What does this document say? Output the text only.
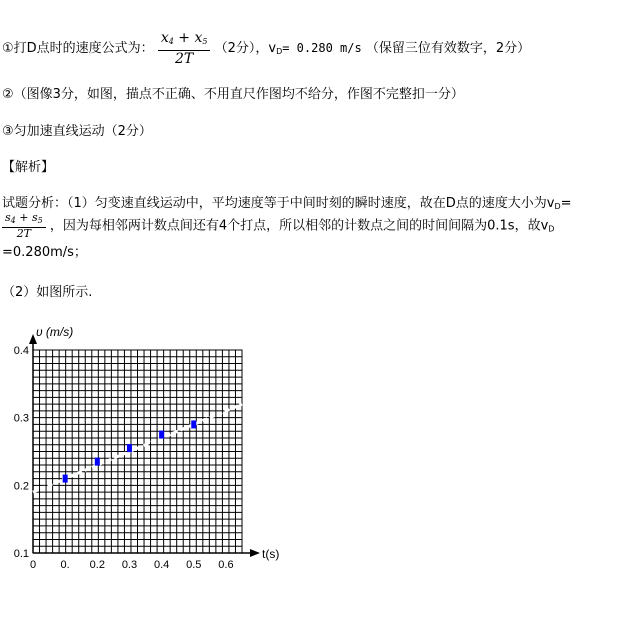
①打D点时的速度公式为： $\frac{x_4 + x_5}{2T} (2$分），$v_D= 0.280$ m/s （保留三位有效数字，2分）
②（图像3分，如图，描点不正确、不用直尺作图均不给分，作图不完整扣一分）
③匀加速直线运动（2分）
【解析】
试题分析：（1）匀变速直线运动中，平均速度等于中间时刻的瞬时速度，故在D点的速度大小为$v_D=$
$\frac{s_4 + s_5}{2T}$ ，因为每相邻两计数点间还有4个打点，所以相邻的计数点之间的时间间隔为0.1s，故$v_D$
=0.280m/s；
（2）如图所示.
0 0. 0.2 0.3 0.4 0.5 0.6
0.1
0.2
0.3
0.4
υ (m/s)
t(s)
